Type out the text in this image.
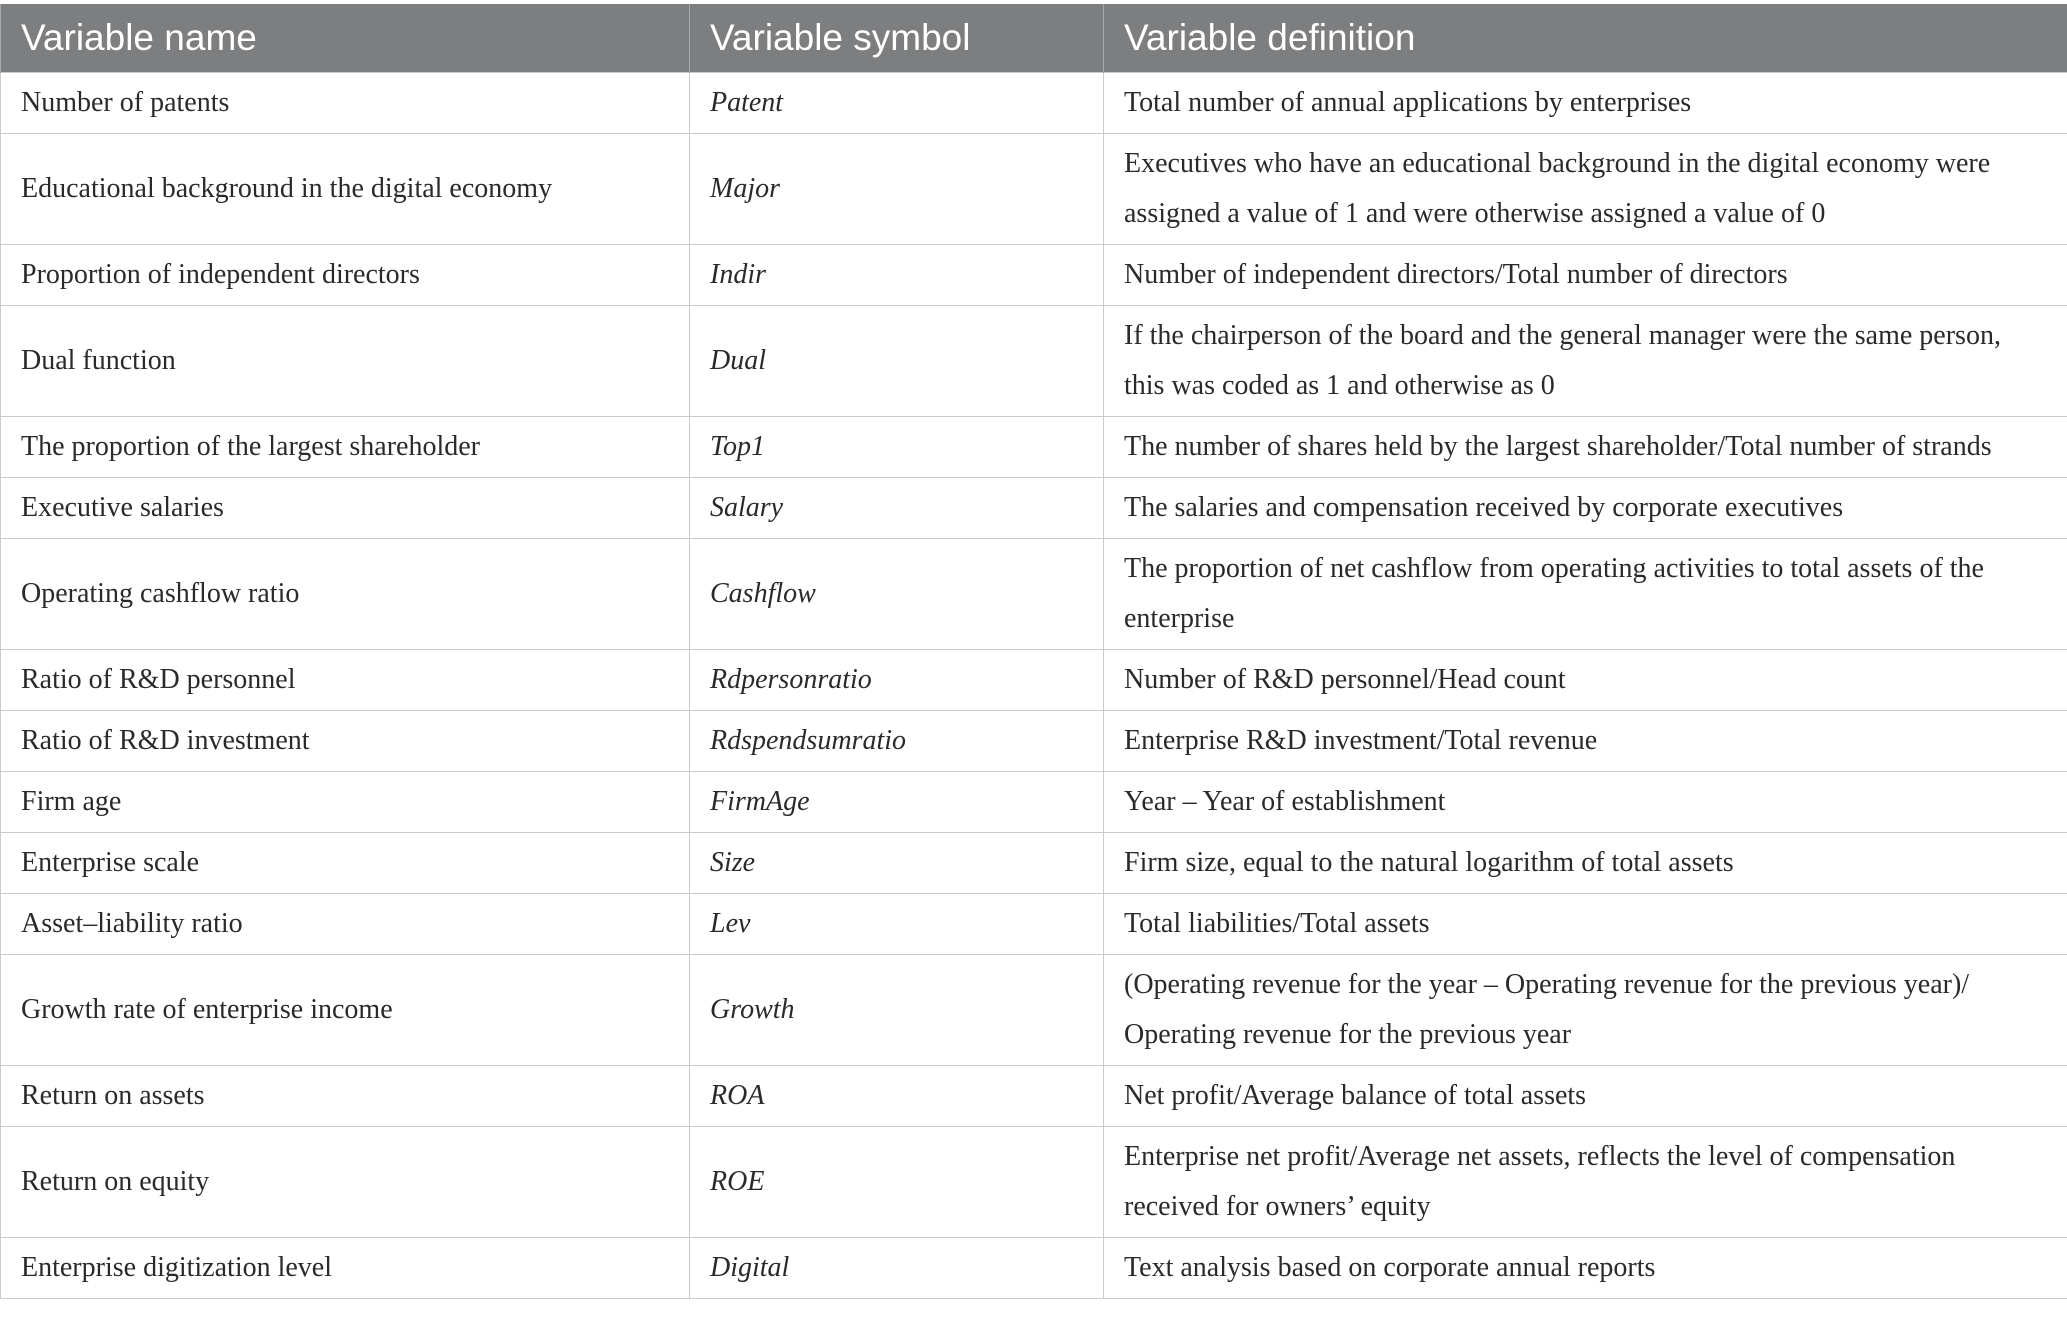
Variable name	Variable symbol	Variable definition
Number of patents	Patent	Total number of annual applications by enterprises
Educational background in the digital economy	Major	Executives who have an educational background in the digital economy were assigned a value of 1 and were otherwise assigned a value of 0
Proportion of independent directors	Indir	Number of independent directors/Total number of directors
Dual function	Dual	If the chairperson of the board and the general manager were the same person, this was coded as 1 and otherwise as 0
The proportion of the largest shareholder	Top1	The number of shares held by the largest shareholder/Total number of strands
Executive salaries	Salary	The salaries and compensation received by corporate executives
Operating cashflow ratio	Cashflow	The proportion of net cashflow from operating activities to total assets of the enterprise
Ratio of R&D personnel	Rdpersonratio	Number of R&D personnel/Head count
Ratio of R&D investment	Rdspendsumratio	Enterprise R&D investment/Total revenue
Firm age	FirmAge	Year – Year of establishment
Enterprise scale	Size	Firm size, equal to the natural logarithm of total assets
Asset–liability ratio	Lev	Total liabilities/Total assets
Growth rate of enterprise income	Growth	(Operating revenue for the year – Operating revenue for the previous year)/ Operating revenue for the previous year
Return on assets	ROA	Net profit/Average balance of total assets
Return on equity	ROE	Enterprise net profit/Average net assets, reflects the level of compensation received for owners’ equity
Enterprise digitization level	Digital	Text analysis based on corporate annual reports
